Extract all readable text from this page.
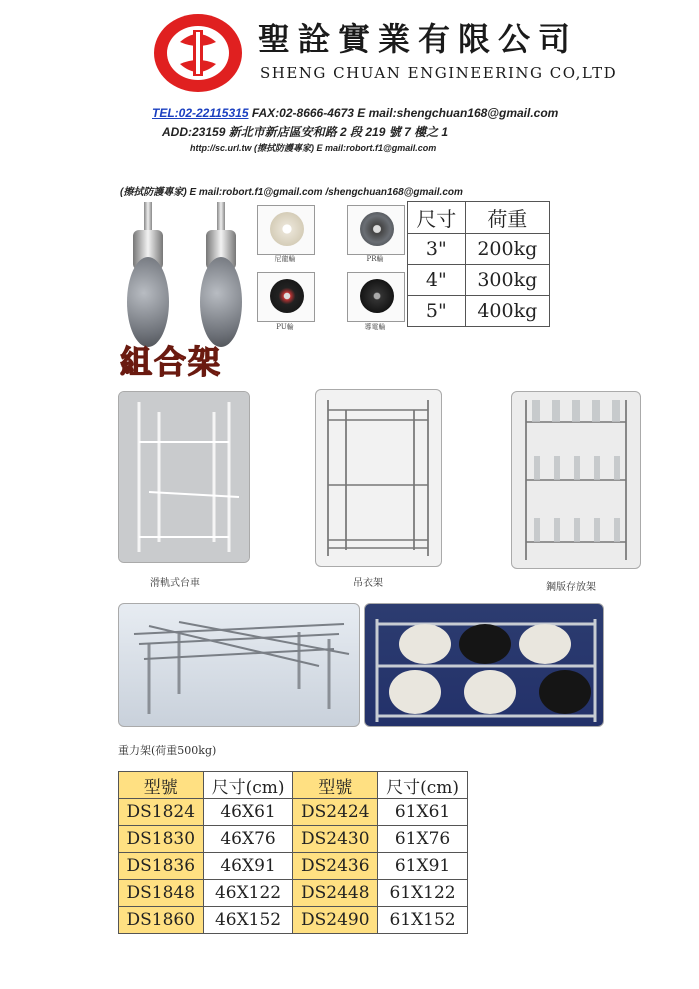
聖詮實業有限公司
SHENG CHUAN ENGINEERING CO,LTD
TEL:02-22115315 FAX:02-8666-4673 E mail:shengchuan168@gmail.com
ADD:23159 新北市新店區安和路 2 段 219 號 7 樓之 1
http://sc.url.tw (擦拭防護專家) E mail:robort.f1@gmail.com
(擦拭防護專家) E mail:robort.f1@gmail.com /shengchuan168@gmail.com
尼龍輪	PR輪
PU輪	導電輪
尺寸	荷重
3"	200kg
4"	300kg
5"	400kg
組合架
滑軌式台車	吊衣架	鋼版存放架
重力架(荷重500kg)
型號	尺寸(cm)	型號	尺寸(cm)
DS1824	46X61	DS2424	61X61
DS1830	46X76	DS2430	61X76
DS1836	46X91	DS2436	61X91
DS1848	46X122	DS2448	61X122
DS1860	46X152	DS2490	61X152
